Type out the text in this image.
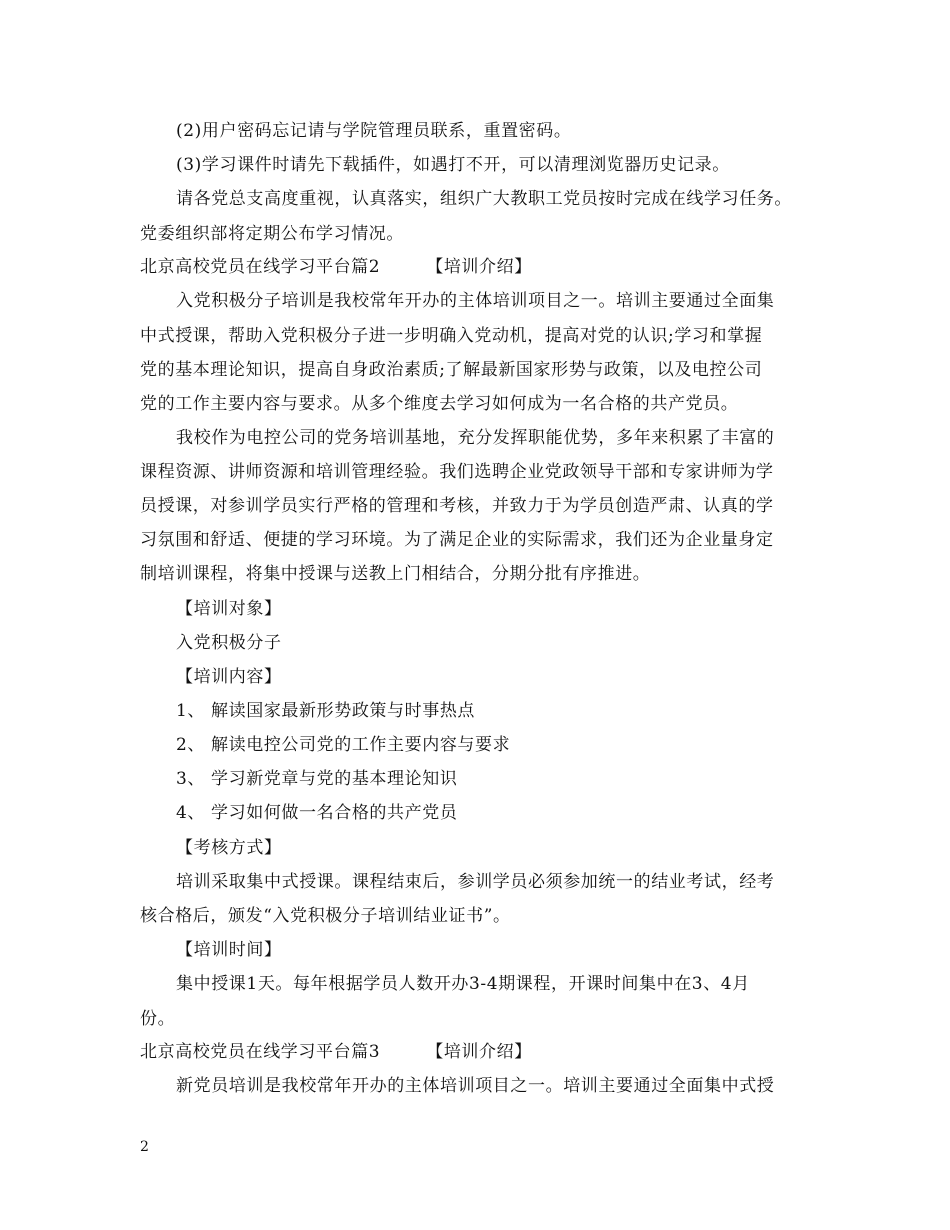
(2)用户密码忘记请与学院管理员联系，重置密码。
(3)学习课件时请先下载插件，如遇打不开，可以清理浏览器历史记录。
请各党总支高度重视，认真落实，组织广大教职工党员按时完成在线学习任务。
党委组织部将定期公布学习情况。
北京高校党员在线学习平台篇2	【培训介绍】
入党积极分子培训是我校常年开办的主体培训项目之一。培训主要通过全面集
中式授课，帮助入党积极分子进一步明确入党动机，提高对党的认识;学习和掌握
党的基本理论知识，提高自身政治素质;了解最新国家形势与政策，以及电控公司
党的工作主要内容与要求。从多个维度去学习如何成为一名合格的共产党员。
我校作为电控公司的党务培训基地，充分发挥职能优势，多年来积累了丰富的
课程资源、讲师资源和培训管理经验。我们选聘企业党政领导干部和专家讲师为学
员授课，对参训学员实行严格的管理和考核，并致力于为学员创造严肃、认真的学
习氛围和舒适、便捷的学习环境。为了满足企业的实际需求，我们还为企业量身定
制培训课程，将集中授课与送教上门相结合，分期分批有序推进。
【培训对象】
入党积极分子
【培训内容】
1、 解读国家最新形势政策与时事热点
2、 解读电控公司党的工作主要内容与要求
3、 学习新党章与党的基本理论知识
4、 学习如何做一名合格的共产党员
【考核方式】
培训采取集中式授课。课程结束后，参训学员必须参加统一的结业考试，经考
核合格后，颁发“入党积极分子培训结业证书”。
【培训时间】
集中授课1天。每年根据学员人数开办3-4期课程，开课时间集中在3、4月
份。
北京高校党员在线学习平台篇3	【培训介绍】
新党员培训是我校常年开办的主体培训项目之一。培训主要通过全面集中式授
2
